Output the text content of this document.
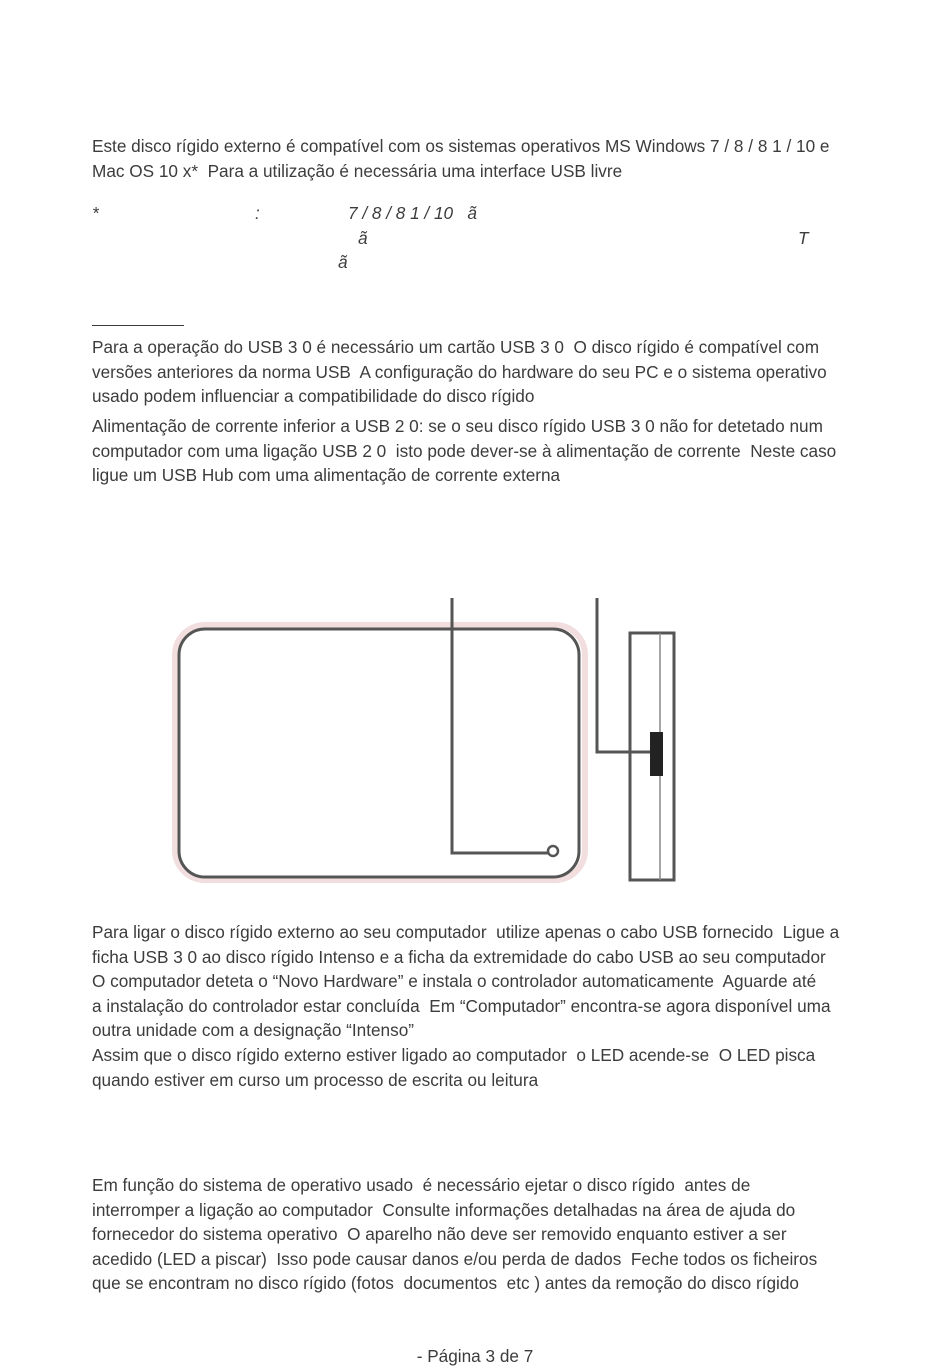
Este disco rígido externo é compatível com os sistemas operativos MS Windows 7 / 8 / 8 1 / 10 e
Mac OS 10 x*  Para a utilização é necessária uma interface USB livre
*	:	7 / 8 / 8 1 / 10   ã
ã	T
ã
Para a operação do USB 3 0 é necessário um cartão USB 3 0  O disco rígido é compatível com
versões anteriores da norma USB  A configuração do hardware do seu PC e o sistema operativo
usado podem influenciar a compatibilidade do disco rígido
Alimentação de corrente inferior a USB 2 0: se o seu disco rígido USB 3 0 não for detetado num
computador com uma ligação USB 2 0  isto pode dever-se à alimentação de corrente  Neste caso
ligue um USB Hub com uma alimentação de corrente externa
Para ligar o disco rígido externo ao seu computador  utilize apenas o cabo USB fornecido  Ligue a
ficha USB 3 0 ao disco rígido Intenso e a ficha da extremidade do cabo USB ao seu computador
O computador deteta o “Novo Hardware” e instala o controlador automaticamente  Aguarde até
a instalação do controlador estar concluída  Em “Computador” encontra-se agora disponível uma
outra unidade com a designação “Intenso”
Assim que o disco rígido externo estiver ligado ao computador  o LED acende-se  O LED pisca
quando estiver em curso um processo de escrita ou leitura
Em função do sistema de operativo usado  é necessário ejetar o disco rígido  antes de
interromper a ligação ao computador  Consulte informações detalhadas na área de ajuda do
fornecedor do sistema operativo  O aparelho não deve ser removido enquanto estiver a ser
acedido (LED a piscar)  Isso pode causar danos e/ou perda de dados  Feche todos os ficheiros
que se encontram no disco rígido (fotos  documentos  etc ) antes da remoção do disco rígido
- Página 3 de 7
